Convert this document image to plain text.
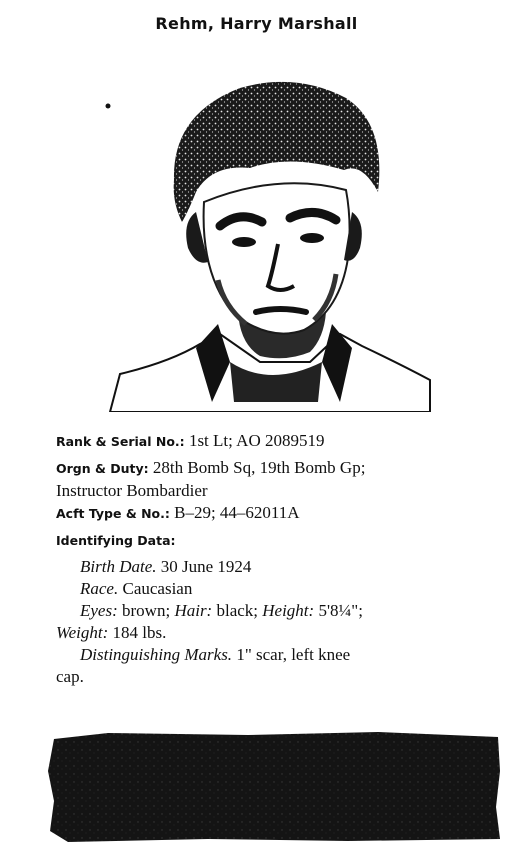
Rehm, Harry Marshall
Rank & Serial No.: 1st Lt; AO 2089519
Orgn & Duty: 28th Bomb Sq, 19th Bomb Gp;
Instructor Bombardier
Acft Type & No.: B–29; 44–62011A
Identifying Data:
Birth Date. 30 June 1924
Race. Caucasian
Eyes: brown; Hair: black; Height: 5'8¼";
Weight: 184 lbs.
Distinguishing Marks. 1" scar, left knee
cap.
